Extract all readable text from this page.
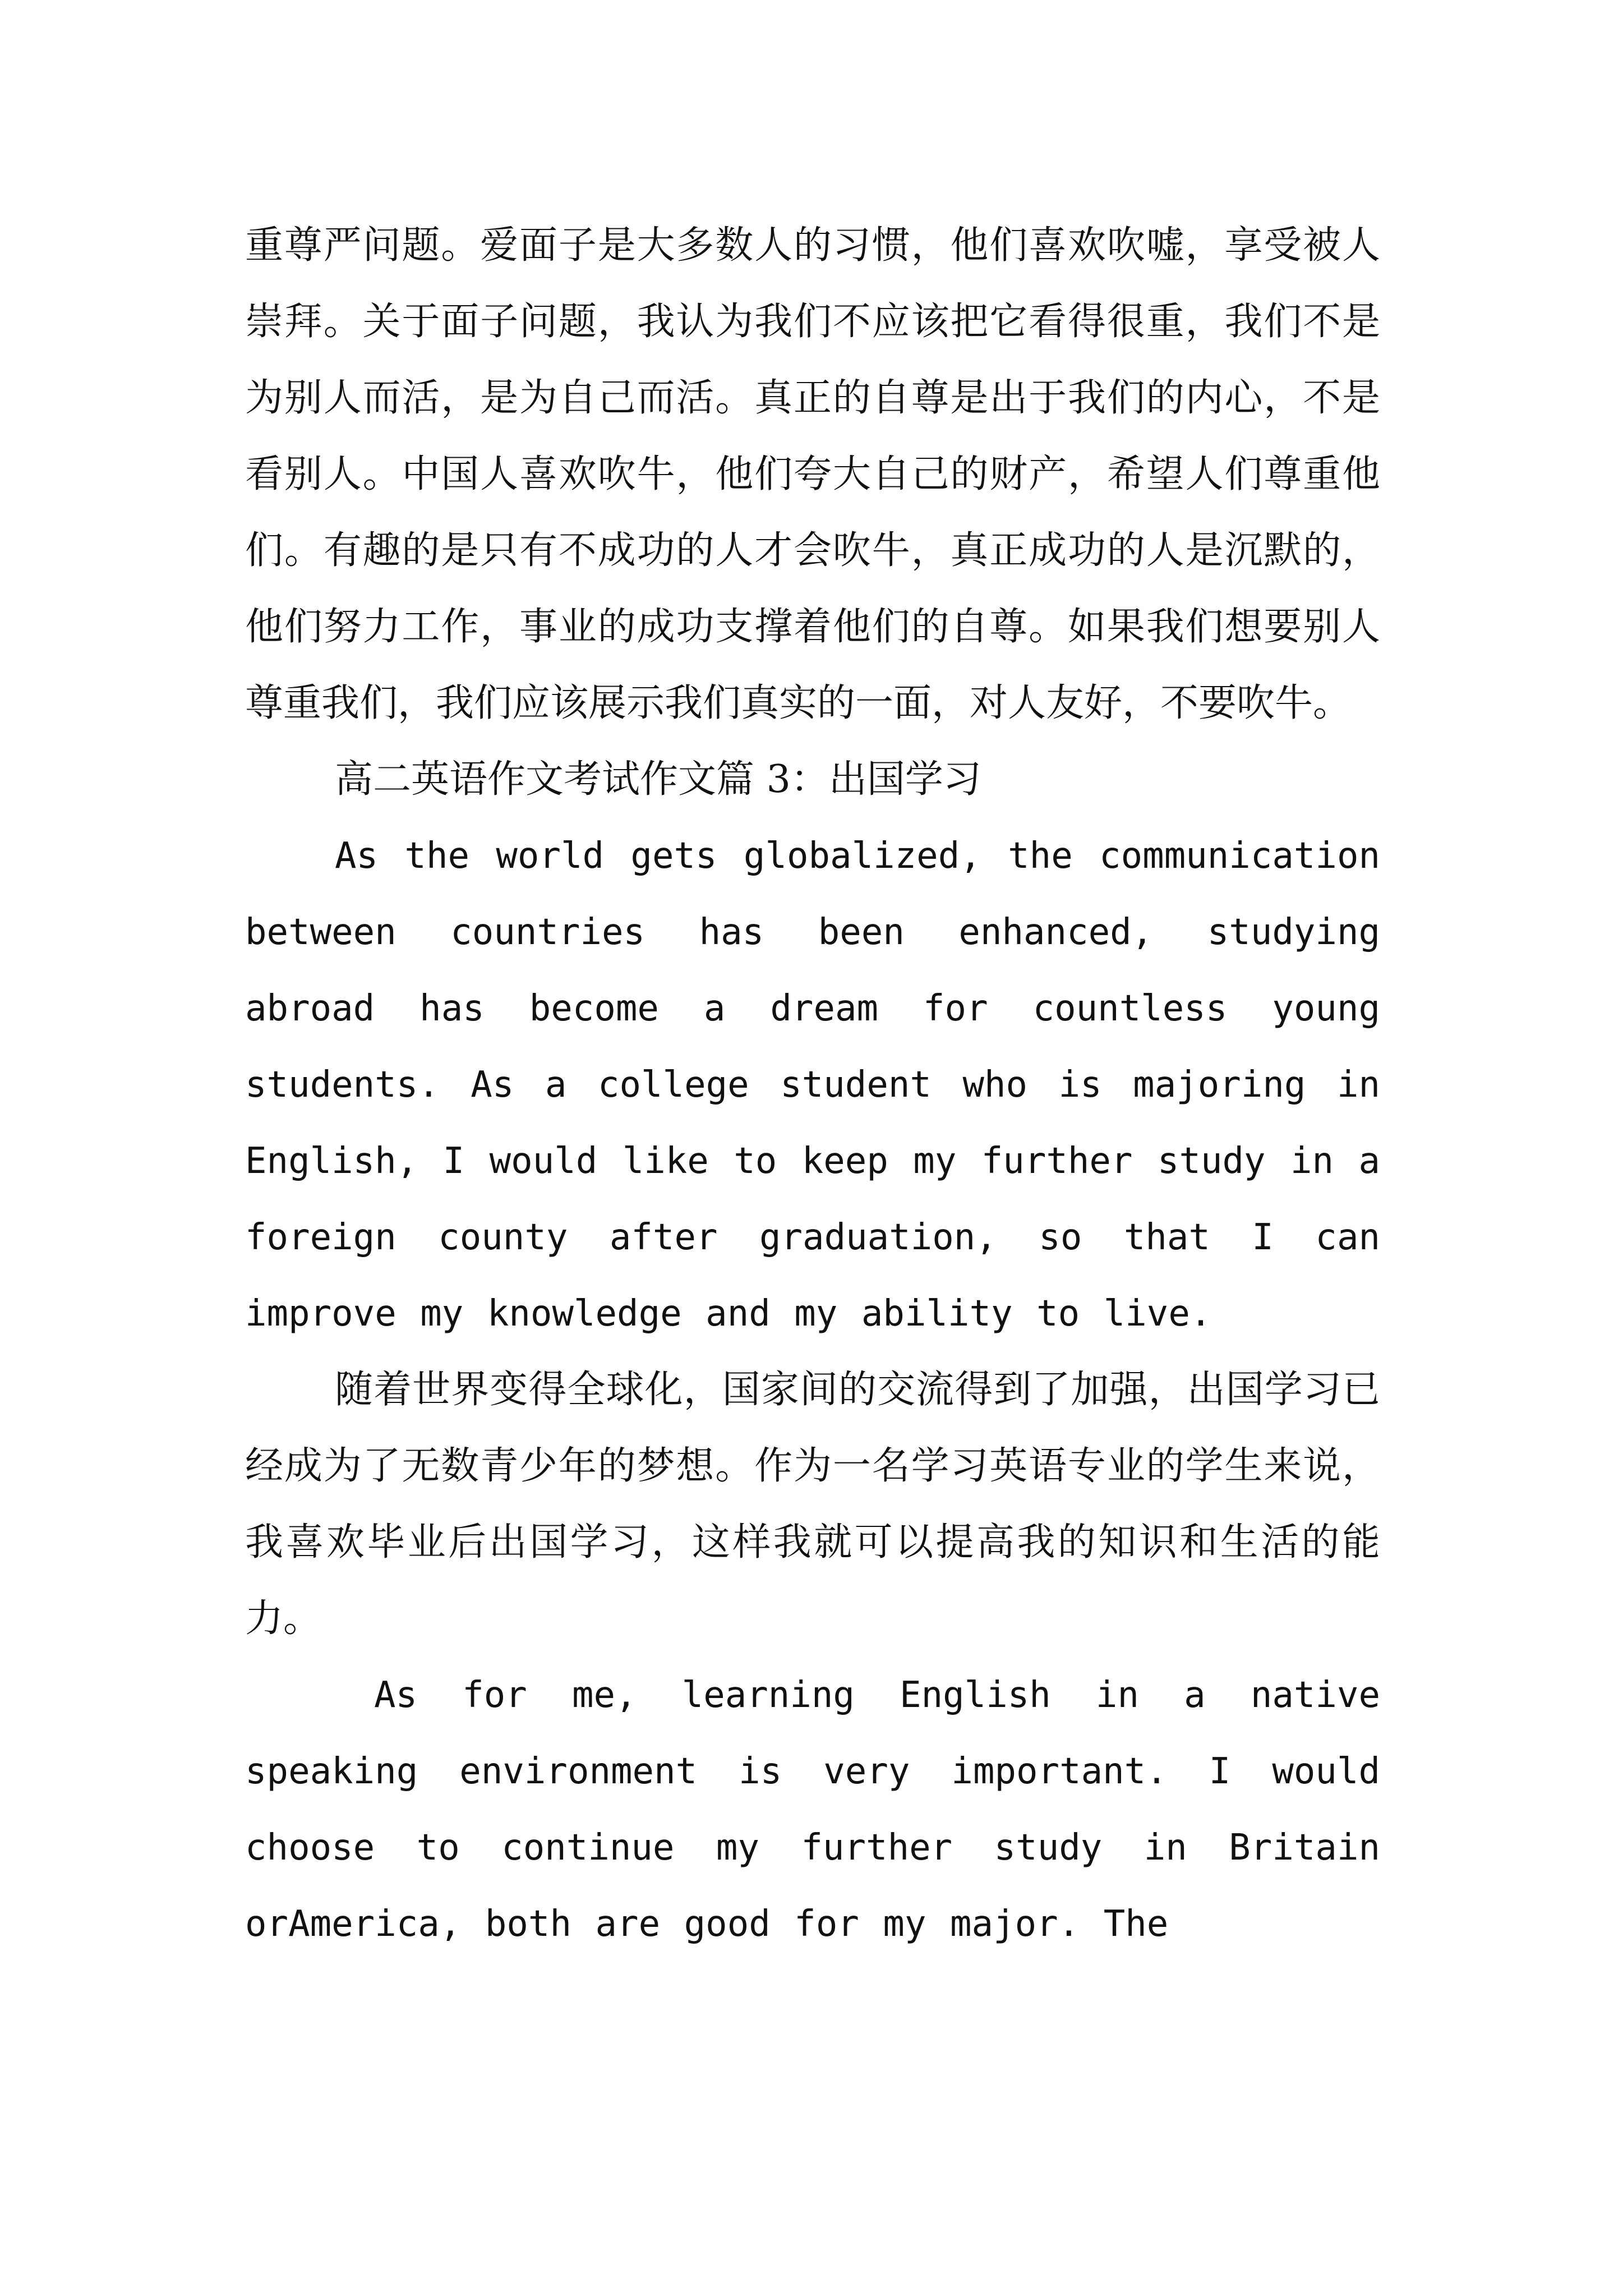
重尊严问题。爱面子是大多数人的习惯，他们喜欢吹嘘，享受被人崇拜。关于面子问题，我认为我们不应该把它看得很重，我们不是为别人而活，是为自己而活。真正的自尊是出于我们的内心，不是看别人。中国人喜欢吹牛，他们夸大自己的财产，希望人们尊重他们。有趣的是只有不成功的人才会吹牛，真正成功的人是沉默的，他们努力工作，事业的成功支撑着他们的自尊。如果我们想要别人尊重我们，我们应该展示我们真实的一面，对人友好，不要吹牛。

高二英语作文考试作文篇 3：出国学习

As the world gets globalized, the communication between countries has been enhanced, studying abroad has become a dream for countless young students. As a college student who is majoring in English, I would like to keep my further study in a foreign county after graduation, so that I can improve my knowledge and my ability to live.

随着世界变得全球化，国家间的交流得到了加强，出国学习已经成为了无数青少年的梦想。作为一名学习英语专业的学生来说，我喜欢毕业后出国学习，这样我就可以提高我的知识和生活的能力。

As for me, learning English in a native speaking environment is very important. I would choose to continue my further study in Britain orAmerica, both are good for my major. The
